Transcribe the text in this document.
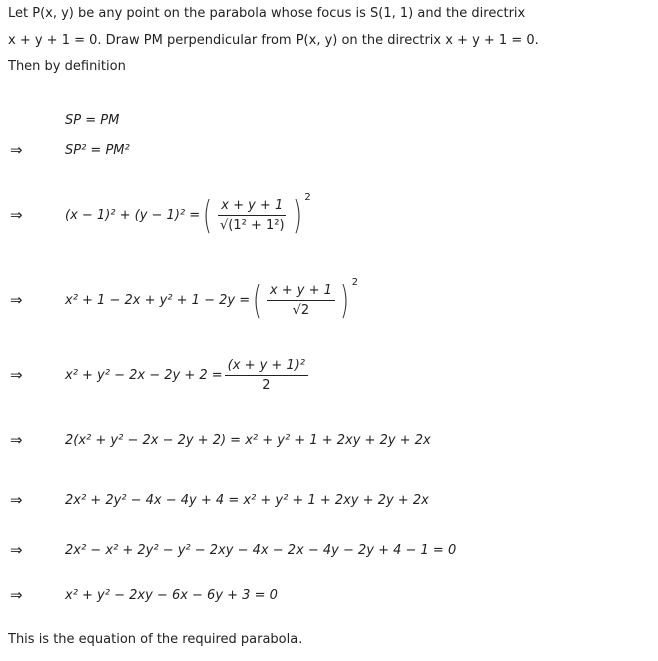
Let P(x, y) be any point on the parabola whose focus is S(1, 1) and the directrix
x + y + 1 = 0. Draw PM perpendicular from P(x, y) on the directrix x + y + 1 = 0.
Then by definition
SP = PM
⇒	SP² = PM²
⇒	(x − 1)² + (y − 1)² = ( $\frac{x + y + 1}{\text{√(1² + 1²)}}$ ) 2
⇒	x² + 1 − 2x + y² + 1 − 2y = ( $\frac{x + y + 1}{√2}$ ) 2
⇒	$x^2 + y^2 - 2x - 2y + 2 = \frac{\text{(x + y + 1)²}}{2}$
⇒	2(x² + y² − 2x − 2y + 2) = x² + y² + 1 + 2xy + 2y + 2x
⇒	2x² + 2y² − 4x − 4y + 4 = x² + y² + 1 + 2xy + 2y + 2x
⇒	2x² − x² + 2y² − y² − 2xy − 4x − 2x − 4y − 2y + 4 − 1 = 0
⇒	x² + y² − 2xy − 6x − 6y + 3 = 0
This is the equation of the required parabola.
